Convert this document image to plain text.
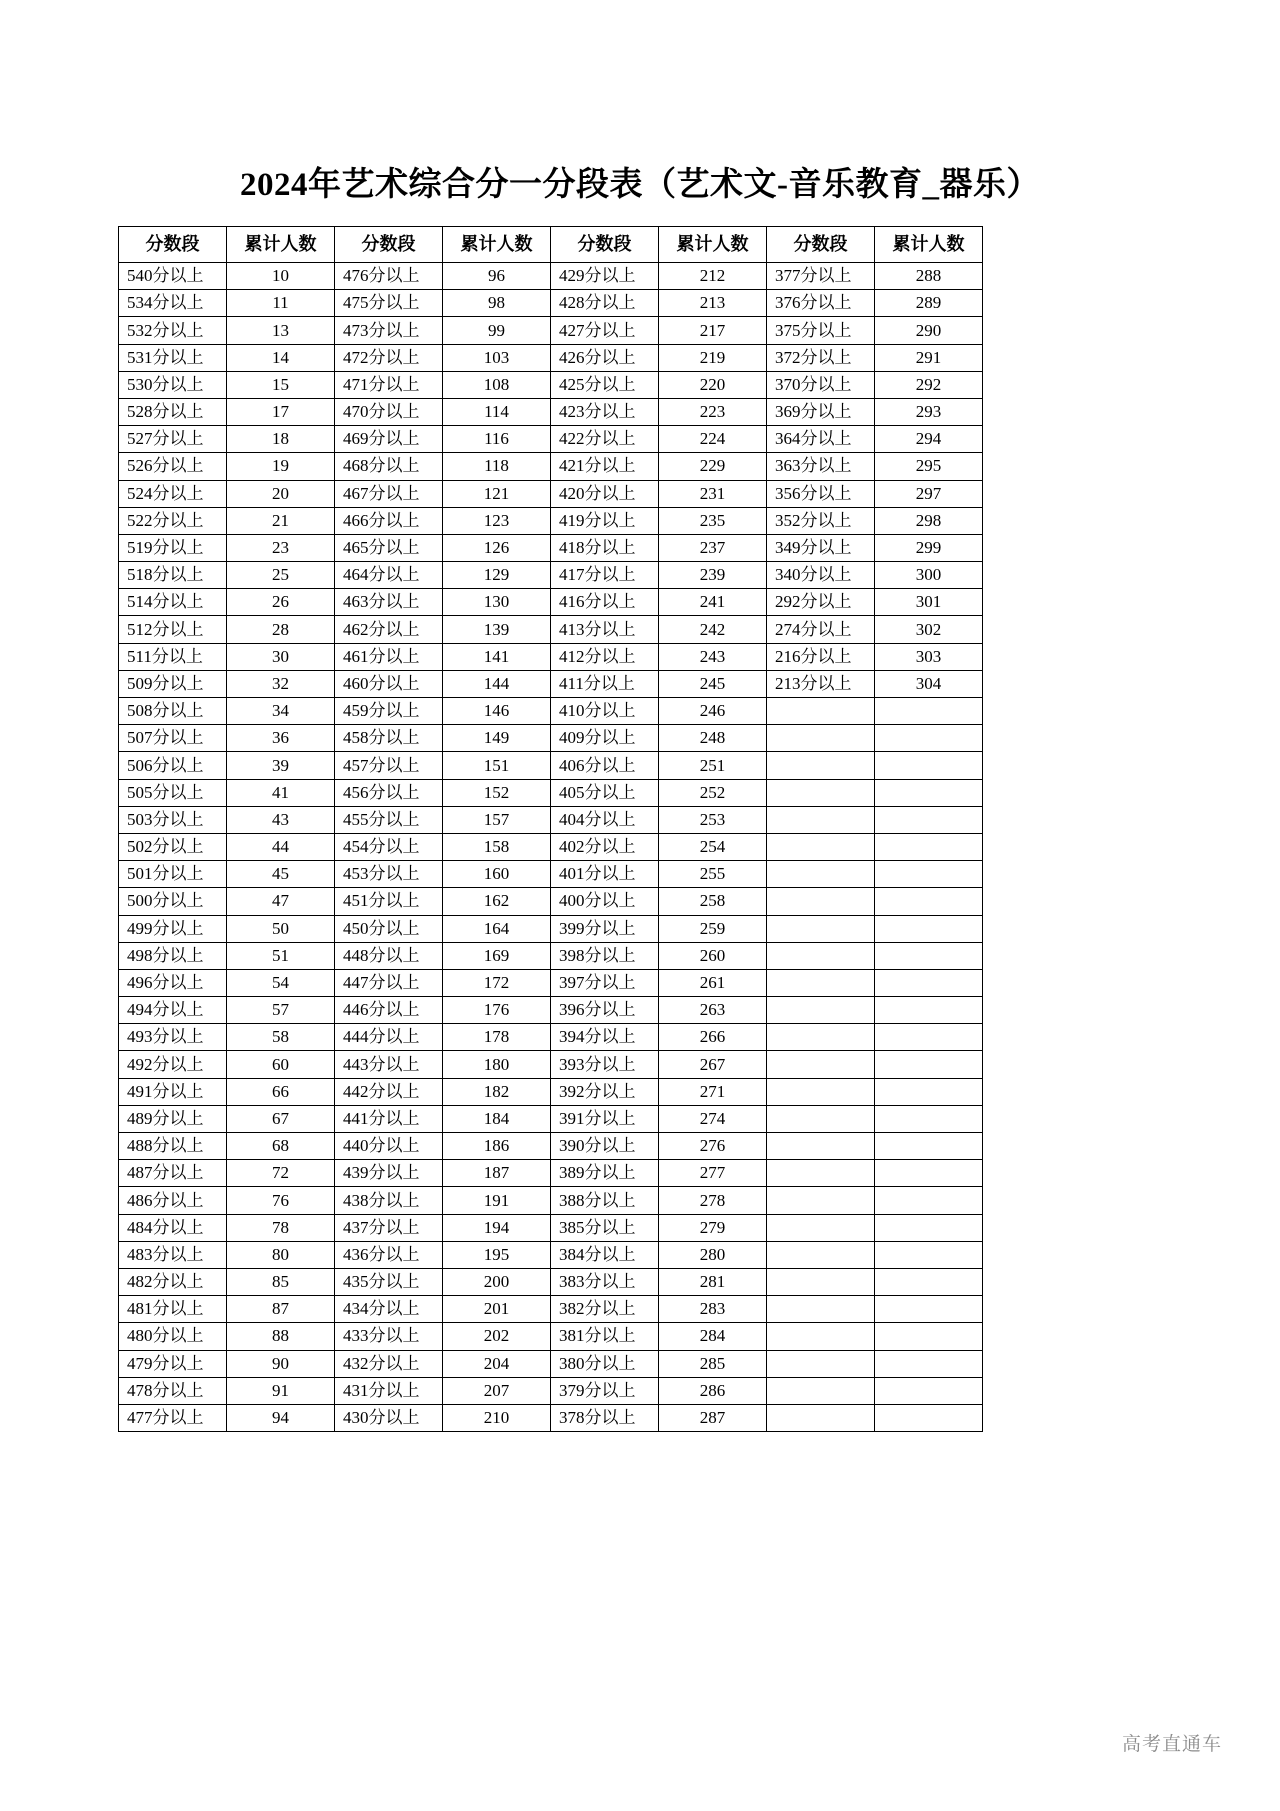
2024年艺术综合分一分段表（艺术文-音乐教育_器乐）
分数段	累计人数	分数段	累计人数	分数段	累计人数	分数段	累计人数
540分以上	10	476分以上	96	429分以上	212	377分以上	288
534分以上	11	475分以上	98	428分以上	213	376分以上	289
532分以上	13	473分以上	99	427分以上	217	375分以上	290
531分以上	14	472分以上	103	426分以上	219	372分以上	291
530分以上	15	471分以上	108	425分以上	220	370分以上	292
528分以上	17	470分以上	114	423分以上	223	369分以上	293
527分以上	18	469分以上	116	422分以上	224	364分以上	294
526分以上	19	468分以上	118	421分以上	229	363分以上	295
524分以上	20	467分以上	121	420分以上	231	356分以上	297
522分以上	21	466分以上	123	419分以上	235	352分以上	298
519分以上	23	465分以上	126	418分以上	237	349分以上	299
518分以上	25	464分以上	129	417分以上	239	340分以上	300
514分以上	26	463分以上	130	416分以上	241	292分以上	301
512分以上	28	462分以上	139	413分以上	242	274分以上	302
511分以上	30	461分以上	141	412分以上	243	216分以上	303
509分以上	32	460分以上	144	411分以上	245	213分以上	304
508分以上	34	459分以上	146	410分以上	246		
507分以上	36	458分以上	149	409分以上	248		
506分以上	39	457分以上	151	406分以上	251		
505分以上	41	456分以上	152	405分以上	252		
503分以上	43	455分以上	157	404分以上	253		
502分以上	44	454分以上	158	402分以上	254		
501分以上	45	453分以上	160	401分以上	255		
500分以上	47	451分以上	162	400分以上	258		
499分以上	50	450分以上	164	399分以上	259		
498分以上	51	448分以上	169	398分以上	260		
496分以上	54	447分以上	172	397分以上	261		
494分以上	57	446分以上	176	396分以上	263		
493分以上	58	444分以上	178	394分以上	266		
492分以上	60	443分以上	180	393分以上	267		
491分以上	66	442分以上	182	392分以上	271		
489分以上	67	441分以上	184	391分以上	274		
488分以上	68	440分以上	186	390分以上	276		
487分以上	72	439分以上	187	389分以上	277		
486分以上	76	438分以上	191	388分以上	278		
484分以上	78	437分以上	194	385分以上	279		
483分以上	80	436分以上	195	384分以上	280		
482分以上	85	435分以上	200	383分以上	281		
481分以上	87	434分以上	201	382分以上	283		
480分以上	88	433分以上	202	381分以上	284		
479分以上	90	432分以上	204	380分以上	285		
478分以上	91	431分以上	207	379分以上	286		
477分以上	94	430分以上	210	378分以上	287		
高考直通车
